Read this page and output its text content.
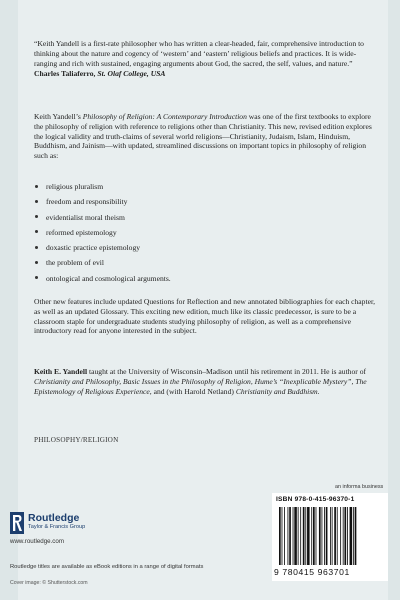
“Keith Yandell is a first-rate philosopher who has written a clear-headed, fair, comprehensive introduction to thinking about the nature and cogency of ‘western’ and ‘eastern’ religious beliefs and practices. It is wide-ranging and rich with sustained, engaging arguments about God, the sacred, the self, values, and nature.”
Charles Taliaferro, St. Olaf College, USA
Keith Yandell’s Philosophy of Religion: A Contemporary Introduction was one of the first textbooks to explore the philosophy of religion with reference to religions other than Christianity. This new, revised edition explores the logical validity and truth-claims of several world religions—Christianity, Judaism, Islam, Hinduism, Buddhism, and Jainism—with updated, streamlined discussions on important topics in philosophy of religion such as:
religious pluralism
freedom and responsibility
evidentialist moral theism
reformed epistemology
doxastic practice epistemology
the problem of evil
ontological and cosmological arguments.
Other new features include updated Questions for Reflection and new annotated bibliographies for each chapter, as well as an updated Glossary. This exciting new edition, much like its classic predecessor, is sure to be a classroom staple for undergraduate students studying philosophy of religion, as well as a comprehensive introductory read for anyone interested in the subject.
Keith E. Yandell taught at the University of Wisconsin–Madison until his retirement in 2011. He is author of Christianity and Philosophy, Basic Issues in the Philosophy of Religion, Hume’s “Inexplicable Mystery”, The Epistemology of Religious Experience, and (with Harold Netland) Christianity and Buddhism.
PHILOSOPHY/RELIGION
Routledge
Taylor & Francis Group
www.routledge.com
Routledge titles are available as eBook editions in a range of digital formats
Cover image: © Shutterstock.com
an informa business
ISBN 978-0-415-96370-1
9 780415 963701
